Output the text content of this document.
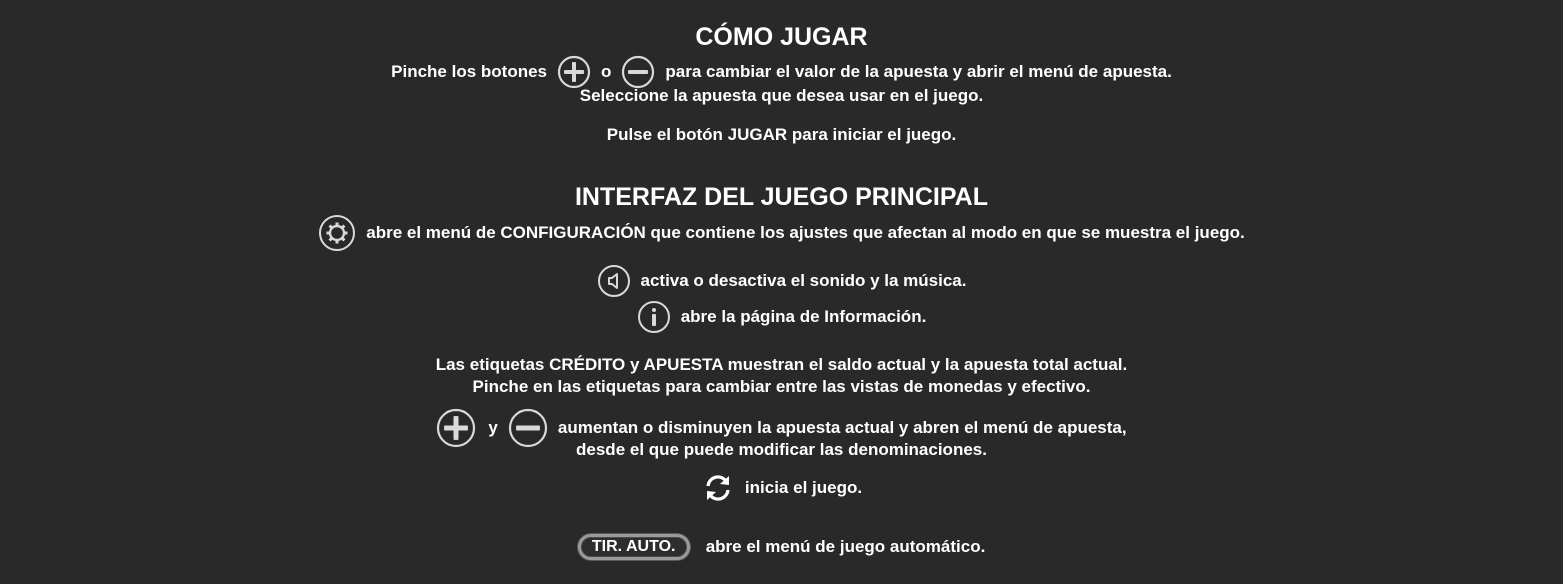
CÓMO JUGAR
Pinche los botones	o	para cambiar el valor de la apuesta y abrir el menú de apuesta.
Seleccione la apuesta que desea usar en el juego.
Pulse el botón JUGAR para iniciar el juego.
INTERFAZ DEL JUEGO PRINCIPAL
abre el menú de CONFIGURACIÓN que contiene los ajustes que afectan al modo en que se muestra el juego.
activa o desactiva el sonido y la música.
abre la página de Información.
Las etiquetas CRÉDITO y APUESTA muestran el saldo actual y la apuesta total actual.
Pinche en las etiquetas para cambiar entre las vistas de monedas y efectivo.
y	aumentan o disminuyen la apuesta actual y abren el menú de apuesta,
desde el que puede modificar las denominaciones.
inicia el juego.
TIR. AUTO.	abre el menú de juego automático.
